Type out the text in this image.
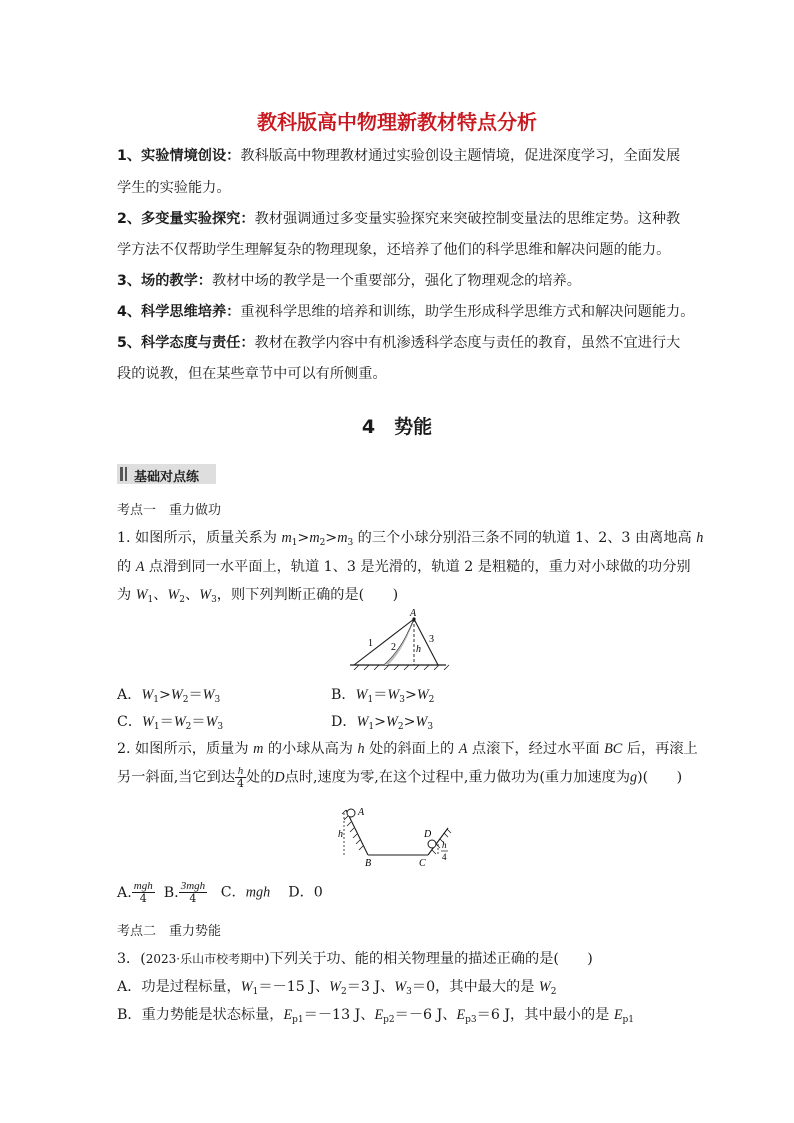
教科版高中物理新教材特点分析
1、实验情境创设：教科版高中物理教材通过实验创设主题情境，促进深度学习，全面发展
学生的实验能力。
2、多变量实验探究：教材强调通过多变量实验探究来突破控制变量法的思维定势。这种教
学方法不仅帮助学生理解复杂的物理现象，还培养了他们的科学思维和解决问题的能力。
3、场的教学：教材中场的教学是一个重要部分，强化了物理观念的培养。
4、科学思维培养：重视科学思维的培养和训练，助学生形成科学思维方式和解决问题能力。
5、科学态度与责任：教材在教学内容中有机渗透科学态度与责任的教育，虽然不宜进行大
段的说教，但在某些章节中可以有所侧重。
4　势能
基础对点练
考点一　重力做功
1. 如图所示，质量关系为 $m_1>m_2>m_3$ 的三个小球分别沿三条不同的轨道 1、2、3 由离地高 h
的 A 点滑到同一水平面上，轨道 1、3 是光滑的，轨道 2 是粗糙的，重力对小球做的功分别
为 $W_1$、$W_2$、$W_3$，则下列判断正确的是(　　)
A
1 2
3
h
A．$W_1>W_2=W_3$	B．$W_1=W_3>W_2$
C．$W_1=W_2=W_3$	D．$W_1>W_2>W_3$
2. 如图所示，质量为 m 的小球从高为 h 处的斜面上的 A 点滚下，经过水平面 BC 后，再滚上
另一斜面,当它到达 $\frac{h}{4}$ 处的D点时,速度为零,在这个过程中,重力做功为(重力加速度为g)(　　)
h
A
B	C
D
h
4
A. $\frac{\text{mgh}}{4} B$. $\frac{\text{3mgh}}{4}$ C．mgh D．0
考点二　重力势能
3．(2023·乐山市校考期中)下列关于功、能的相关物理量的描述正确的是(　　)
A．功是过程标量，$W_1=-15$ J、$W_2=3$ J、$W_3=0$，其中最大的是 $W_2$
B．重力势能是状态标量，$E_{p1}=-13$ J、$E_{p2}=-6$ J、$E_{p3}=6$ J，其中最小的是 $E_{p1}$
